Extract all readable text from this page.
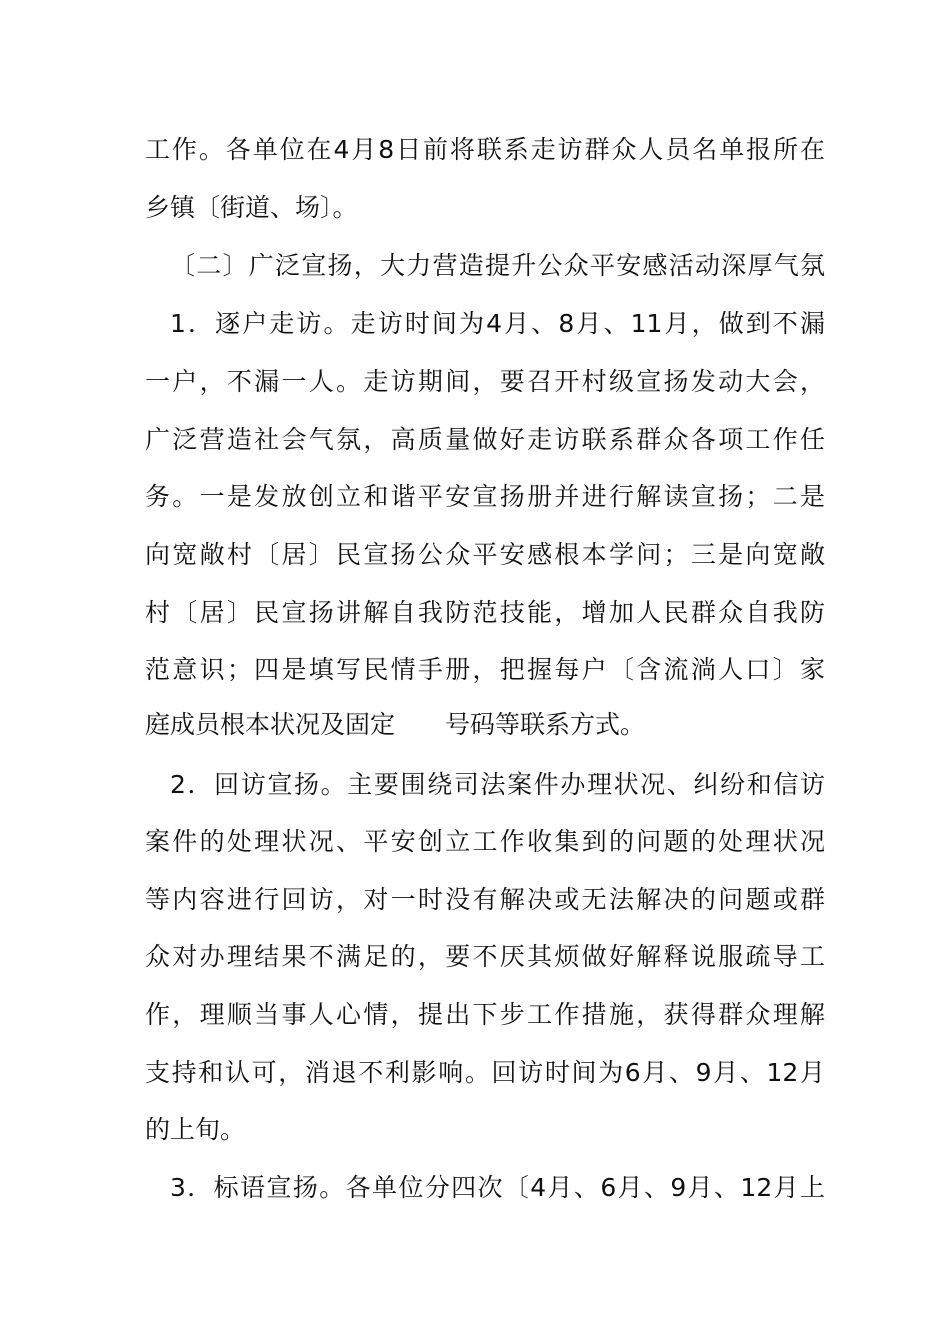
工作。各单位在4月8日前将联系走访群众人员名单报所在
乡镇〔街道、场〕。
〔二〕广泛宣扬，大力营造提升公众平安感活动深厚气氛
1．逐户走访。走访时间为4月、8月、11月，做到不漏
一户，不漏一人。走访期间，要召开村级宣扬发动大会，
广泛营造社会气氛，高质量做好走访联系群众各项工作任
务。一是发放创立和谐平安宣扬册并进行解读宣扬；二是
向宽敞村〔居〕民宣扬公众平安感根本学问；三是向宽敞
村〔居〕民宣扬讲解自我防范技能，增加人民群众自我防
范意识；四是填写民情手册，把握每户〔含流淌人口〕家
庭成员根本状况及固定　　号码等联系方式。
2．回访宣扬。主要围绕司法案件办理状况、纠纷和信访
案件的处理状况、平安创立工作收集到的问题的处理状况
等内容进行回访，对一时没有解决或无法解决的问题或群
众对办理结果不满足的，要不厌其烦做好解释说服疏导工
作，理顺当事人心情，提出下步工作措施，获得群众理解
支持和认可，消退不利影响。回访时间为6月、9月、12月
的上旬。
3．标语宣扬。各单位分四次〔4月、6月、9月、12月上
